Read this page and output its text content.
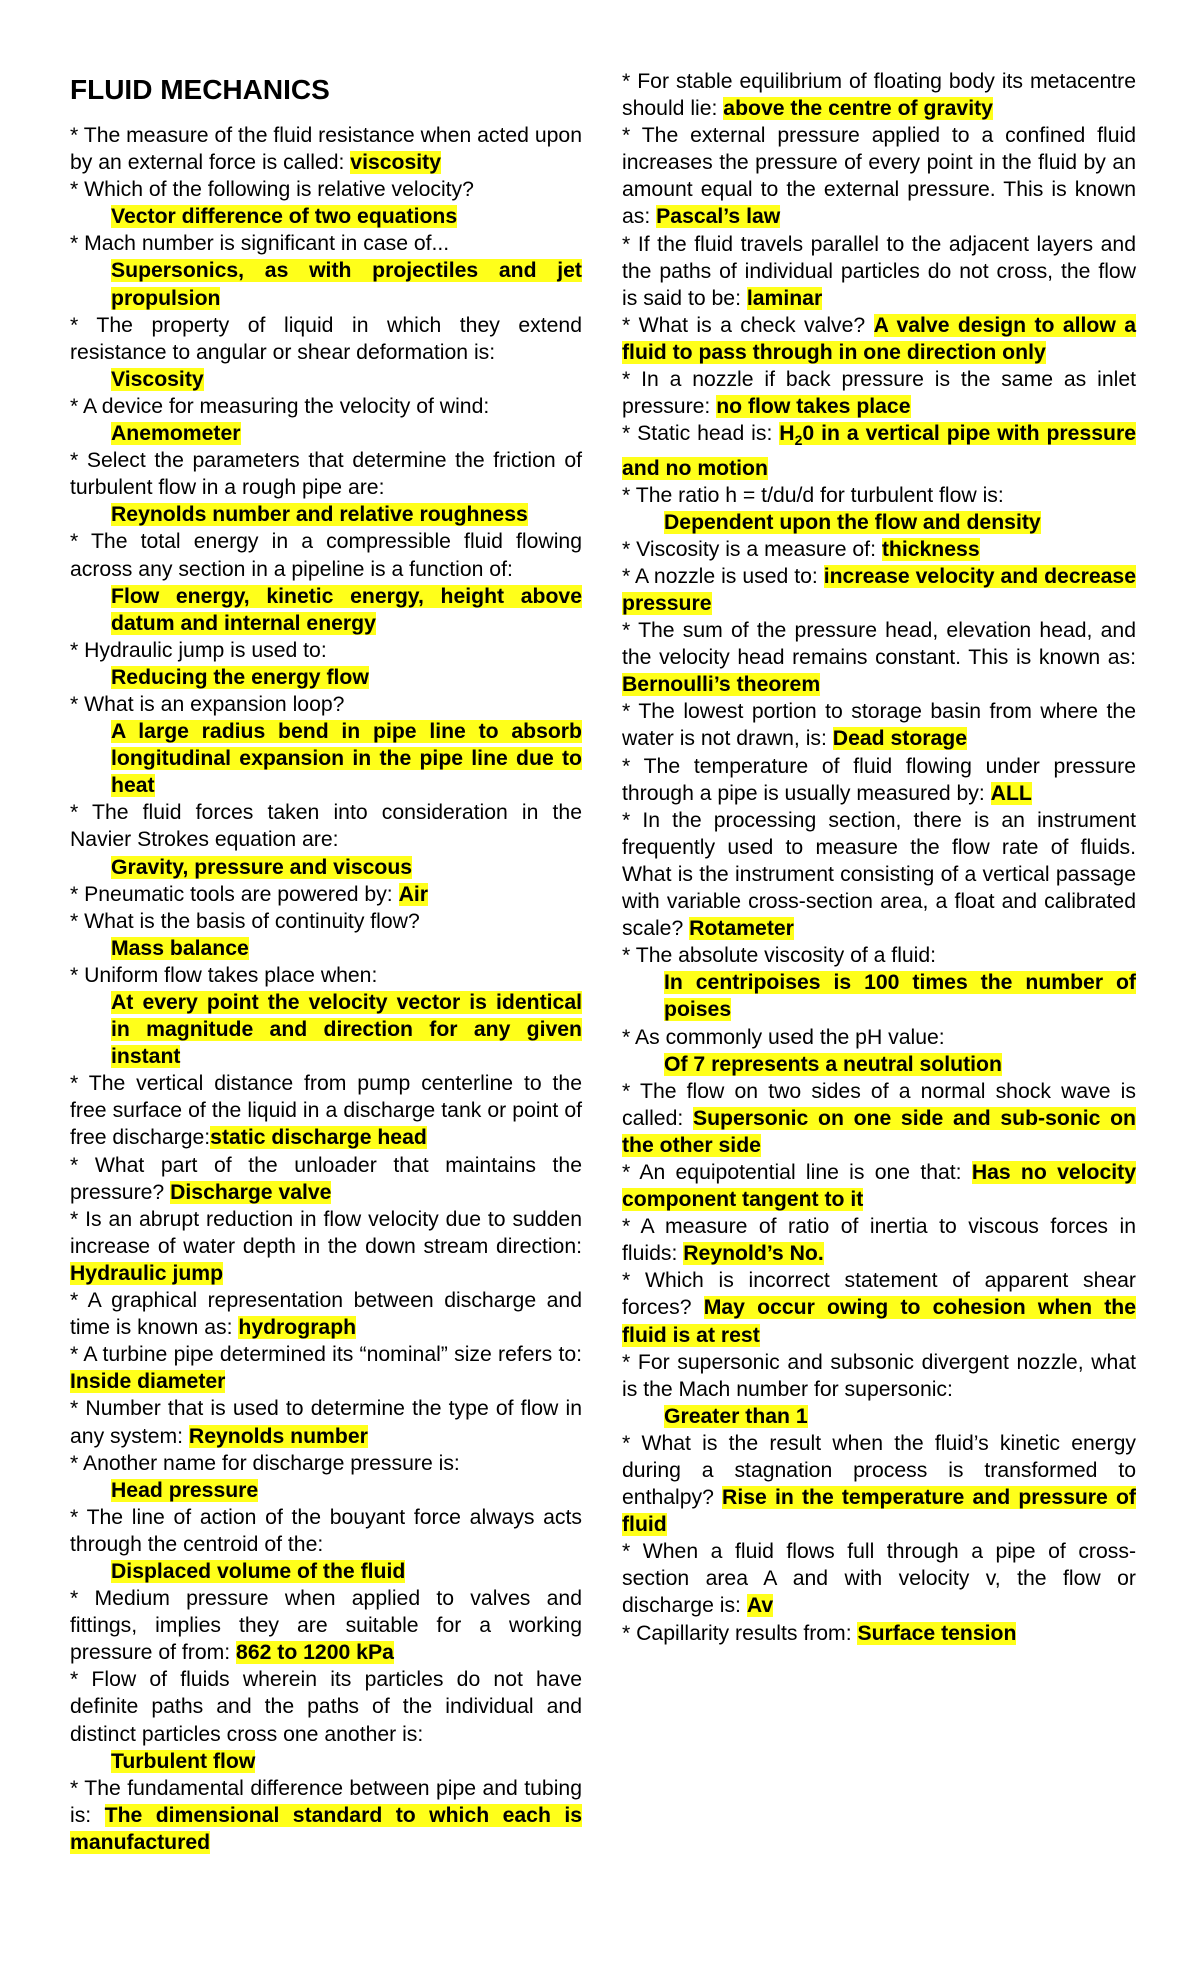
FLUID MECHANICS

* The measure of the fluid resistance when acted upon by an external force is called: viscosity

* Which of the following is relative velocity?
Vector difference of two equations

* Mach number is significant in case of...
Supersonics, as with projectiles and jet propulsion

* The property of liquid in which they extend resistance to angular or shear deformation is:
Viscosity

* A device for measuring the velocity of wind:
Anemometer

* Select the parameters that determine the friction of turbulent flow in a rough pipe are:
Reynolds number and relative roughness

* The total energy in a compressible fluid flowing across any section in a pipeline is a function of:
Flow energy, kinetic energy, height above datum and internal energy

* Hydraulic jump is used to:
Reducing the energy flow

* What is an expansion loop?
A large radius bend in pipe line to absorb longitudinal expansion in the pipe line due to heat

* The fluid forces taken into consideration in the Navier Strokes equation are:
Gravity, pressure and viscous

* Pneumatic tools are powered by: Air

* What is the basis of continuity flow?
Mass balance

* Uniform flow takes place when:
At every point the velocity vector is identical in magnitude and direction for any given instant

* The vertical distance from pump centerline to the free surface of the liquid in a discharge tank or point of free discharge:static discharge head

* What part of the unloader that maintains the pressure? Discharge valve

* Is an abrupt reduction in flow velocity due to sudden increase of water depth in the down stream direction: Hydraulic jump

* A graphical representation between discharge and time is known as: hydrograph

* A turbine pipe determined its “nominal” size refers to: Inside diameter

* Number that is used to determine the type of flow in any system: Reynolds number

* Another name for discharge pressure is:
Head pressure

* The line of action of the bouyant force always acts through the centroid of the:
Displaced volume of the fluid

* Medium pressure when applied to valves and fittings, implies they are suitable for a working pressure of from: 862 to 1200 kPa

* Flow of fluids wherein its particles do not have definite paths and the paths of the individual and distinct particles cross one another is:
Turbulent flow

* The fundamental difference between pipe and tubing is: The dimensional standard to which each is manufactured

* For stable equilibrium of floating body its metacentre should lie: above the centre of gravity

* The external pressure applied to a confined fluid increases the pressure of every point in the fluid by an amount equal to the external pressure. This is known as: Pascal’s law

* If the fluid travels parallel to the adjacent layers and the paths of individual particles do not cross, the flow is said to be: laminar

* What is a check valve? A valve design to allow a fluid to pass through in one direction only

* In a nozzle if back pressure is the same as inlet pressure: no flow takes place

* Static head is: $H_20$ in a vertical pipe with pressure and no motion

* The ratio h = t/du/d for turbulent flow is:
Dependent upon the flow and density

* Viscosity is a measure of: thickness

* A nozzle is used to: increase velocity and decrease pressure

* The sum of the pressure head, elevation head, and the velocity head remains constant. This is known as: Bernoulli’s theorem

* The lowest portion to storage basin from where the water is not drawn, is: Dead storage

* The temperature of fluid flowing under pressure through a pipe is usually measured by: ALL

* In the processing section, there is an instrument frequently used to measure the flow rate of fluids. What is the instrument consisting of a vertical passage with variable cross-section area, a float and calibrated scale? Rotameter

* The absolute viscosity of a fluid:
In centripoises is 100 times the number of poises

* As commonly used the pH value:
Of 7 represents a neutral solution

* The flow on two sides of a normal shock wave is called: Supersonic on one side and sub-sonic on the other side

* An equipotential line is one that: Has no velocity component tangent to it

* A measure of ratio of inertia to viscous forces in fluids: Reynold’s No.

* Which is incorrect statement of apparent shear forces? May occur owing to cohesion when the fluid is at rest

* For supersonic and subsonic divergent nozzle, what is the Mach number for supersonic:
Greater than 1

* What is the result when the fluid’s kinetic energy during a stagnation process is transformed to enthalpy? Rise in the temperature and pressure of fluid

* When a fluid flows full through a pipe of cross-section area A and with velocity v, the flow or discharge is: Av

* Capillarity results from: Surface tension
